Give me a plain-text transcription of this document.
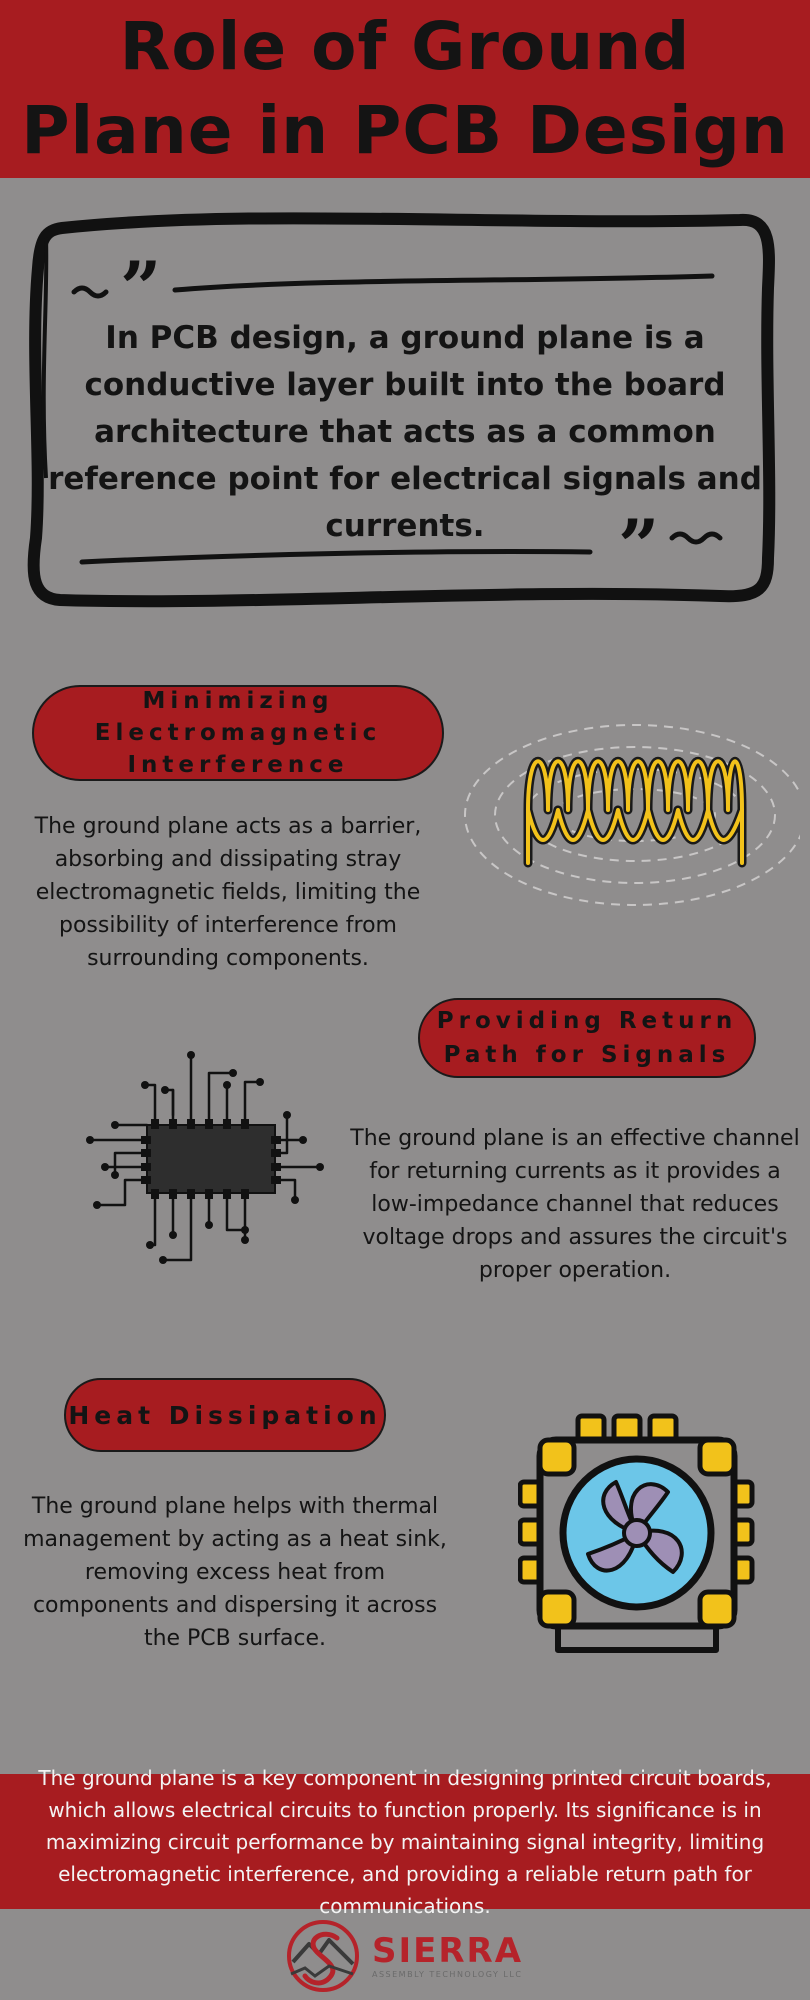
Role of Ground
Plane in PCB Design
”
”
In PCB design, a ground plane is a conductive layer built into the board architecture that acts as a common reference point for electrical signals and currents.
Minimizing
Electromagnetic
Interference
The ground plane acts as a barrier, absorbing and dissipating stray electromagnetic fields, limiting the possibility of interference from surrounding components.
Providing Return
Path for Signals
The ground plane is an effective channel for returning currents as it provides a low-impedance channel that reduces voltage drops and assures the circuit's proper operation.
Heat Dissipation
The ground plane helps with thermal management by acting as a heat sink, removing excess heat from components and dispersing it across the PCB surface.

The ground plane is a key component in designing printed circuit boards, which allows electrical circuits to function properly. Its significance is in maximizing circuit performance by maintaining signal integrity, limiting electromagnetic interference, and providing a reliable return path for communications.

SIERRA
ASSEMBLY TECHNOLOGY LLC
